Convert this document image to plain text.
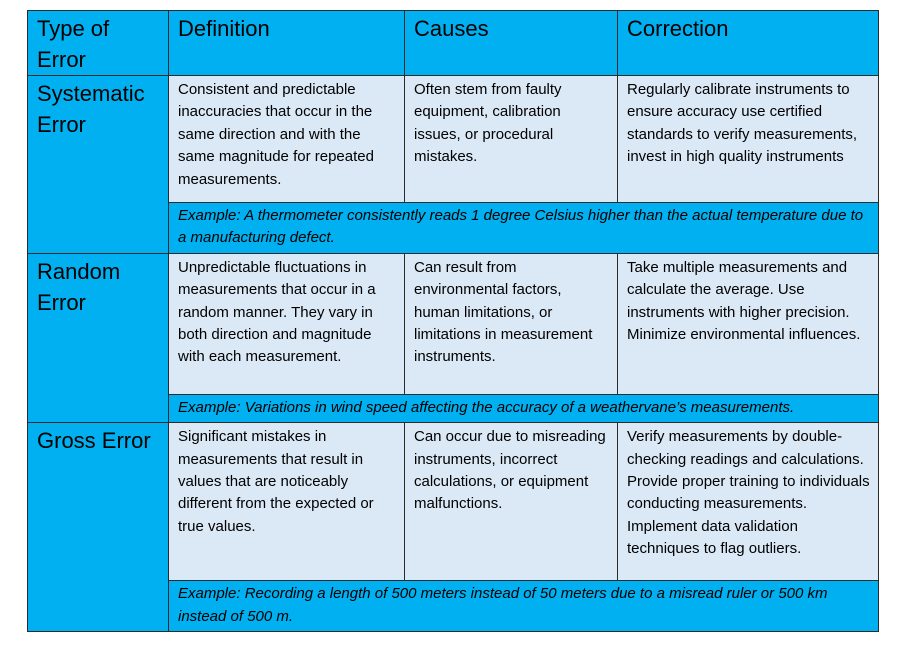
Type of Error	Definition	Causes	Correction
Systematic Error	Consistent and predictable inaccuracies that occur in the same direction and with the same magnitude for repeated measurements.	Often stem from faulty equipment, calibration issues, or procedural mistakes.	Regularly calibrate instruments to ensure accuracy use certified standards to verify measurements, invest in high quality instruments
	Example: A thermometer consistently reads 1 degree Celsius higher than the actual temperature due to a manufacturing defect.		
Random Error	Unpredictable fluctuations in measurements that occur in a random manner. They vary in both direction and magnitude with each measurement.	Can result from environmental factors, human limitations, or limitations in measurement instruments.	Take multiple measurements and calculate the average. Use instruments with higher precision. Minimize environmental influences.
	Example: Variations in wind speed affecting the accuracy of a weathervane’s measurements.		
Gross Error	Significant mistakes in measurements that result in values that are noticeably different from the expected or true values.	Can occur due to misreading instruments, incorrect calculations, or equipment malfunctions.	Verify measurements by double-checking readings and calculations. Provide proper training to individuals conducting measurements. Implement data validation techniques to flag outliers.
	Example: Recording a length of 500 meters instead of 50 meters due to a misread ruler or 500 km instead of 500 m.		
